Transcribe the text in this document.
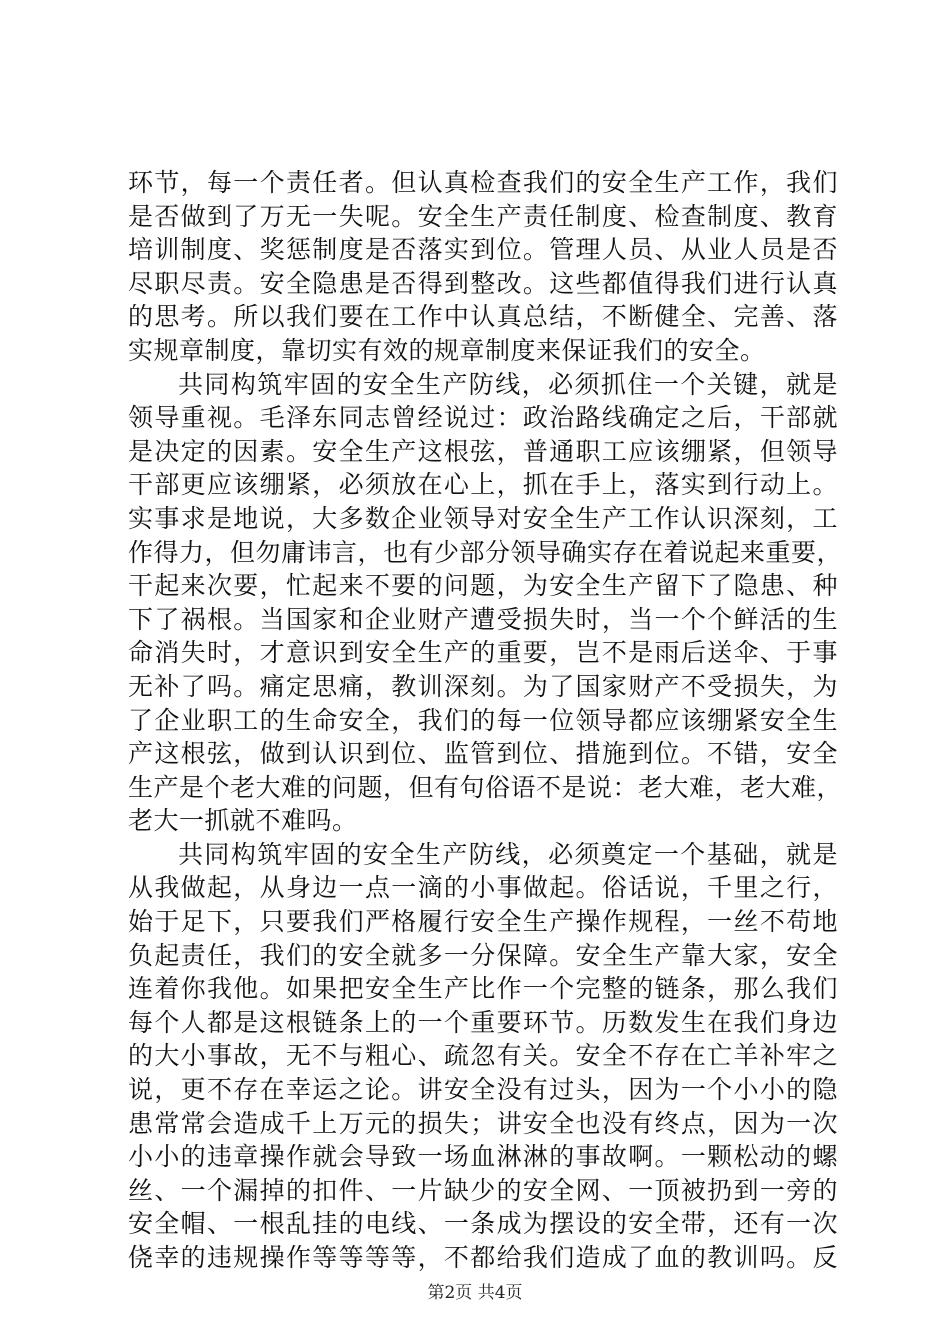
环节，每一个责任者。但认真检查我们的安全生产工作，我们
是否做到了万无一失呢。安全生产责任制度、检查制度、教育
培训制度、奖惩制度是否落实到位。管理人员、从业人员是否
尽职尽责。安全隐患是否得到整改。这些都值得我们进行认真
的思考。所以我们要在工作中认真总结，不断健全、完善、落
实规章制度，靠切实有效的规章制度来保证我们的安全。
共同构筑牢固的安全生产防线，必须抓住一个关键，就是
领导重视。毛泽东同志曾经说过：政治路线确定之后，干部就
是决定的因素。安全生产这根弦，普通职工应该绷紧，但领导
干部更应该绷紧，必须放在心上，抓在手上，落实到行动上。
实事求是地说，大多数企业领导对安全生产工作认识深刻，工
作得力，但勿庸讳言，也有少部分领导确实存在着说起来重要，
干起来次要，忙起来不要的问题，为安全生产留下了隐患、种
下了祸根。当国家和企业财产遭受损失时，当一个个鲜活的生
命消失时，才意识到安全生产的重要，岂不是雨后送伞、于事
无补了吗。痛定思痛，教训深刻。为了国家财产不受损失，为
了企业职工的生命安全，我们的每一位领导都应该绷紧安全生
产这根弦，做到认识到位、监管到位、措施到位。不错，安全
生产是个老大难的问题，但有句俗语不是说：老大难，老大难，
老大一抓就不难吗。
共同构筑牢固的安全生产防线，必须奠定一个基础，就是
从我做起，从身边一点一滴的小事做起。俗话说，千里之行，
始于足下，只要我们严格履行安全生产操作规程，一丝不苟地
负起责任，我们的安全就多一分保障。安全生产靠大家，安全
连着你我他。如果把安全生产比作一个完整的链条，那么我们
每个人都是这根链条上的一个重要环节。历数发生在我们身边
的大小事故，无不与粗心、疏忽有关。安全不存在亡羊补牢之
说，更不存在幸运之论。讲安全没有过头，因为一个小小的隐
患常常会造成千上万元的损失；讲安全也没有终点，因为一次
小小的违章操作就会导致一场血淋淋的事故啊。一颗松动的螺
丝、一个漏掉的扣件、一片缺少的安全网、一顶被扔到一旁的
安全帽、一根乱挂的电线、一条成为摆设的安全带，还有一次
侥幸的违规操作等等等等，不都给我们造成了血的教训吗。反
第2页 共4页
